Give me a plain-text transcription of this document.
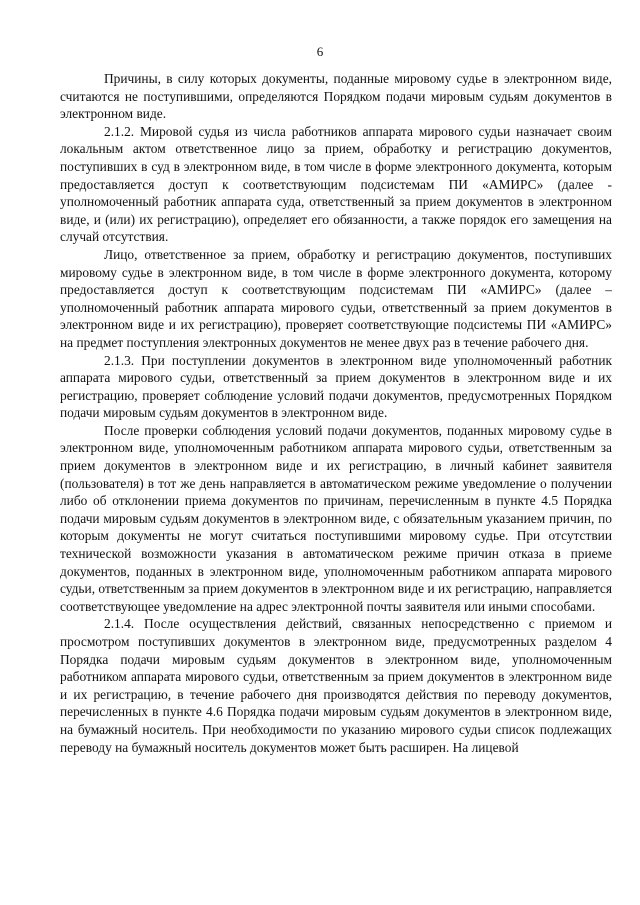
6

Причины, в силу которых документы, поданные мировому судье в электронном виде, считаются не поступившими, определяются Порядком подачи мировым судьям документов в электронном виде.

2.1.2. Мировой судья из числа работников аппарата мирового судьи назначает своим локальным актом ответственное лицо за прием, обработку и регистрацию документов, поступивших в суд в электронном виде, в том числе в форме электронного документа, которым предоставляется доступ к соответствующим подсистемам ПИ «АМИРС» (далее - уполномоченный работник аппарата суда, ответственный за прием документов в электронном виде, и (или) их регистрацию), определяет его обязанности, а также порядок его замещения на случай отсутствия.

Лицо, ответственное за прием, обработку и регистрацию документов, поступивших мировому судье в электронном виде, в том числе в форме электронного документа, которому предоставляется доступ к соответствующим подсистемам ПИ «АМИРС» (далее – уполномоченный работник аппарата мирового судьи, ответственный за прием документов в электронном виде и их регистрацию), проверяет соответствующие подсистемы ПИ «АМИРС» на предмет поступления электронных документов не менее двух раз в течение рабочего дня.

2.1.3. При поступлении документов в электронном виде уполномоченный работник аппарата мирового судьи, ответственный за прием документов в электронном виде и их регистрацию, проверяет соблюдение условий подачи документов, предусмотренных Порядком подачи мировым судьям документов в электронном виде.

После проверки соблюдения условий подачи документов, поданных мировому судье в электронном виде, уполномоченным работником аппарата мирового судьи, ответственным за прием документов в электронном виде и их регистрацию, в личный кабинет заявителя (пользователя) в тот же день направляется в автоматическом режиме уведомление о получении либо об отклонении приема документов по причинам, перечисленным в пункте 4.5 Порядка подачи мировым судьям документов в электронном виде, с обязательным указанием причин, по которым документы не могут считаться поступившими мировому судье. При отсутствии технической возможности указания в автоматическом режиме причин отказа в приеме документов, поданных в электронном виде, уполномоченным работником аппарата мирового судьи, ответственным за прием документов в электронном виде и их регистрацию, направляется соответствующее уведомление на адрес электронной почты заявителя или иными способами.

2.1.4. После осуществления действий, связанных непосредственно с приемом и просмотром поступивших документов в электронном виде, предусмотренных разделом 4 Порядка подачи мировым судьям документов в электронном виде, уполномоченным работником аппарата мирового судьи, ответственным за прием документов в электронном виде и их регистрацию, в течение рабочего дня производятся действия по переводу документов, перечисленных в пункте 4.6 Порядка подачи мировым судьям документов в электронном виде, на бумажный носитель. При необходимости по указанию мирового судьи список подлежащих переводу на бумажный носитель документов может быть расширен. На лицевой
